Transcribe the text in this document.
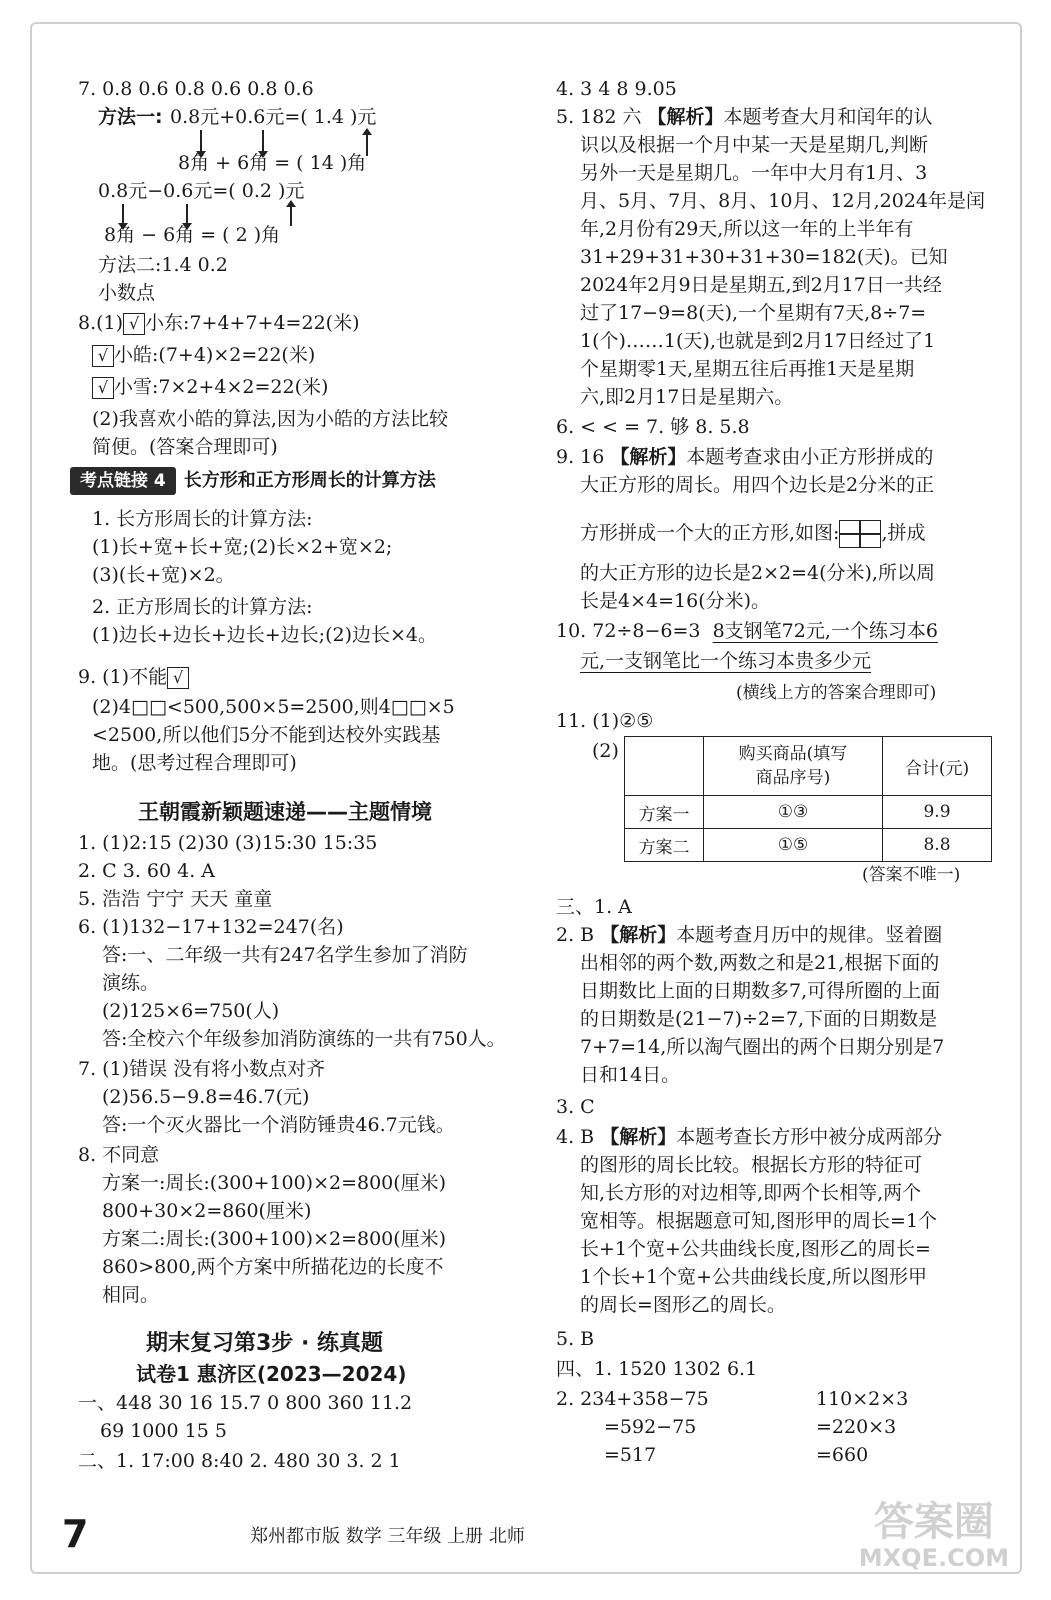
7. 0.8 0.6 0.8 0.6 0.8 0.6
方法一: 0.8元+0.6元=( 1.4 )元
8角 + 6角 = ( 14 )角
0.8元−0.6元=( 0.2 )元
8角 − 6角 = ( 2 )角
方法二:1.4 0.2
小数点
8.(1) √ 小东:7+4+7+4=22(米)
√ 小皓:(7+4)×2=22(米)
√ 小雪:7×2+4×2=22(米)
(2)我喜欢小皓的算法,因为小皓的方法比较
简便。(答案合理即可)
考点链接 4 长方形和正方形周长的计算方法
1. 长方形周长的计算方法:
(1)长+宽+长+宽;(2)长×2+宽×2;
(3)(长+宽)×2。
2. 正方形周长的计算方法:
(1)边长+边长+边长+边长;(2)边长×4。
9. (1)不能 √
(2)4□□<500,500×5=2500,则4□□×5
<2500,所以他们5分不能到达校外实践基
地。(思考过程合理即可)
王朝霞新颖题速递——主题情境
1. (1)2:15 (2)30 (3)15:30 15:35
2. C 3. 60 4. A
5. 浩浩 宁宁 天天 童童
6. (1)132−17+132=247(名)
答:一、二年级一共有247名学生参加了消防
演练。
(2)125×6=750(人)
答:全校六个年级参加消防演练的一共有750人。
7. (1)错误 没有将小数点对齐
(2)56.5−9.8=46.7(元)
答:一个灭火器比一个消防锤贵46.7元钱。
8. 不同意
方案一:周长:(300+100)×2=800(厘米)
800+30×2=860(厘米)
方案二:周长:(300+100)×2=800(厘米)
860>800,两个方案中所描花边的长度不
相同。
期末复习第3步 · 练真题
试卷1 惠济区(2023—2024)
一、448 30 16 15.7 0 800 360 11.2
69 1000 15 5
二、1. 17:00 8:40 2. 480 30 3. 2 1
4. 3 4 8 9.05
5. 182 六 【解析】本题考查大月和闰年的认
识以及根据一个月中某一天是星期几,判断
另外一天是星期几。一年中大月有1月、3
月、5月、7月、8月、10月、12月,2024年是闰
年,2月份有29天,所以这一年的上半年有
31+29+31+30+31+30=182(天)。已知
2024年2月9日是星期五,到2月17日一共经
过了17−9=8(天),一个星期有7天,8÷7=
1(个)……1(天),也就是到2月17日经过了1
个星期零1天,星期五往后再推1天是星期
六,即2月17日是星期六。
6. < < = 7. 够 8. 5.8
9. 16 【解析】本题考查求由小正方形拼成的
大正方形的周长。用四个边长是2分米的正
方形拼成一个大的正方形,如图: ,拼成
的大正方形的边长是2×2=4(分米),所以周
长是4×4=16(分米)。
10. 72÷8−6=3 8支钢笔72元,一个练习本6
元,一支钢笔比一个练习本贵多少元
(横线上方的答案合理即可)
11. (1)②⑤
(2)
		购买商品(填写
商品序号)	合计(元)
方案一	①③	9.9
方案二	①⑤	8.8
(答案不唯一)
三、1. A
2. B 【解析】本题考查月历中的规律。竖着圈
出相邻的两个数,两数之和是21,根据下面的
日期数比上面的日期数多7,可得所圈的上面
的日期数是(21−7)÷2=7,下面的日期数是
7+7=14,所以淘气圈出的两个日期分别是7
日和14日。
3. C
4. B 【解析】本题考查长方形中被分成两部分
的图形的周长比较。根据长方形的特征可
知,长方形的对边相等,即两个长相等,两个
宽相等。根据题意可知,图形甲的周长=1个
长+1个宽+公共曲线长度,图形乙的周长=
1个长+1个宽+公共曲线长度,所以图形甲
的周长=图形乙的周长。
5. B
四、1. 1520 1302 6.1
2. 234+358−75	110×2×3
=592−75	=220×3
=517	=660
7	郑州都市版 数学 三年级 上册 北师	答案圈
MXQE.COM
